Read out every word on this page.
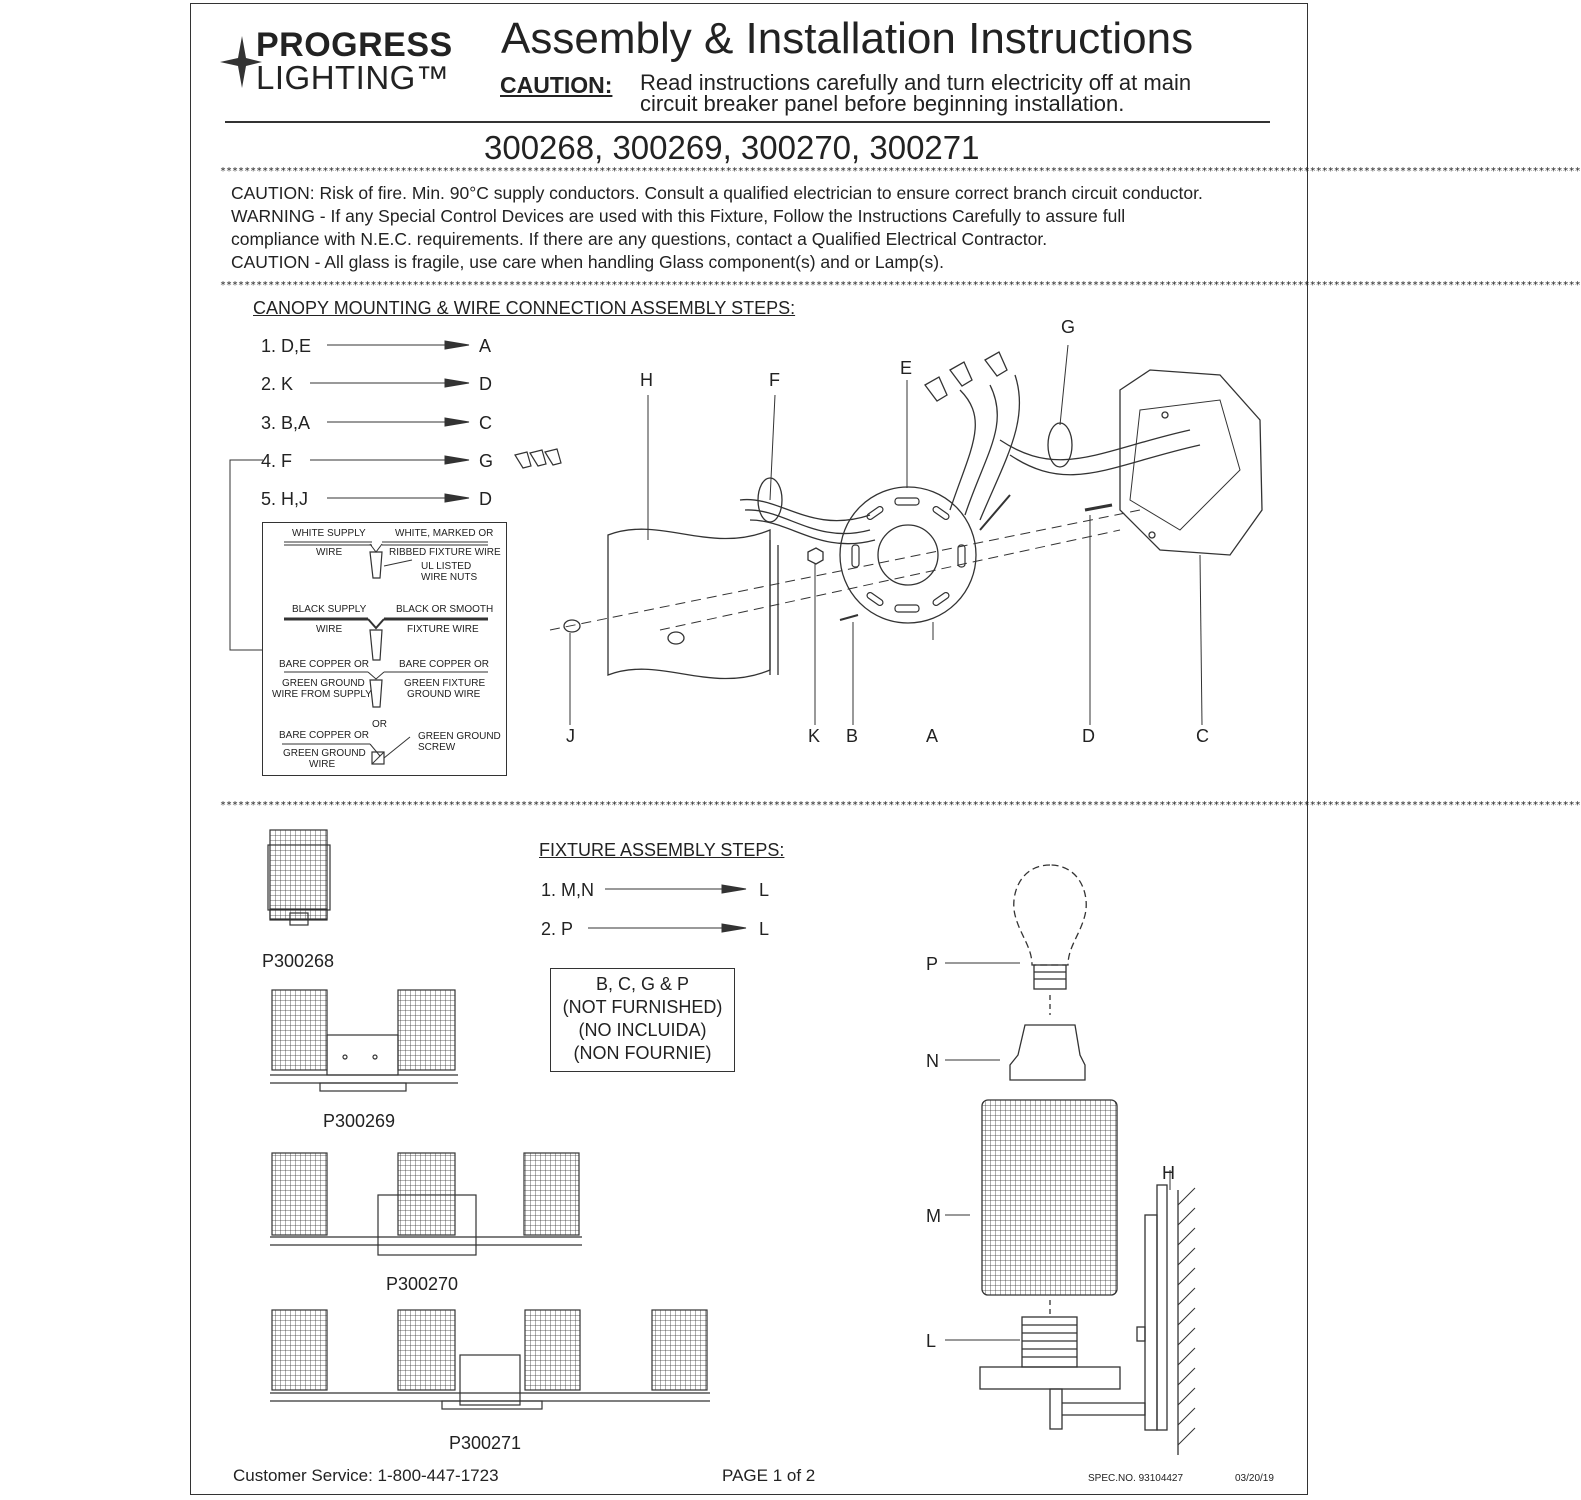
PROGRESS
LIGHTING™
Assembly & Installation Instructions
CAUTION: Read instructions carefully and turn electricity off at main
circuit breaker panel before beginning installation.
300268, 300269, 300270, 300271
**********************************************************************************************************************************************************************************************************************************
CAUTION: Risk of fire. Min. 90°C supply conductors. Consult a qualified electrician to ensure correct branch circuit conductor.
WARNING - If any Special Control Devices are used with this Fixture, Follow the Instructions Carefully to assure full
compliance with N.E.C. requirements. If there are any questions, contact a Qualified Electrical Contractor.
CAUTION - All glass is fragile, use care when handling Glass component(s) and or Lamp(s).
**********************************************************************************************************************************************************************************************************************************
CANOPY MOUNTING & WIRE CONNECTION ASSEMBLY STEPS:
1. D,E	A
2. K	D
3. B,A	C
4. F	G
5. H,J	D
WHITE SUPPLY
WIRE
WHITE, MARKED OR
RIBBED FIXTURE WIRE
UL LISTED
WIRE NUTS
BLACK SUPPLY
WIRE
BLACK OR SMOOTH
FIXTURE WIRE
BARE COPPER OR
GREEN GROUND
WIRE FROM SUPPLY
BARE COPPER OR
GREEN FIXTURE
GROUND WIRE
OR
BARE COPPER OR
GREEN GROUND
WIRE
GREEN GROUND
SCREW
G
H	F
E
J	K B	A	D	C
**********************************************************************************************************************************************************************************************************************************
P300268
P300269
P300270
P300271
FIXTURE ASSEMBLY STEPS:
1. M,N	L
2. P	L
B, C, G & P
(NOT FURNISHED)
(NO INCLUIDA)
(NON FOURNIE)
P
N
M
L
H
Customer Service: 1-800-447-1723	PAGE 1 of 2	SPEC.NO. 93104427	03/20/19
